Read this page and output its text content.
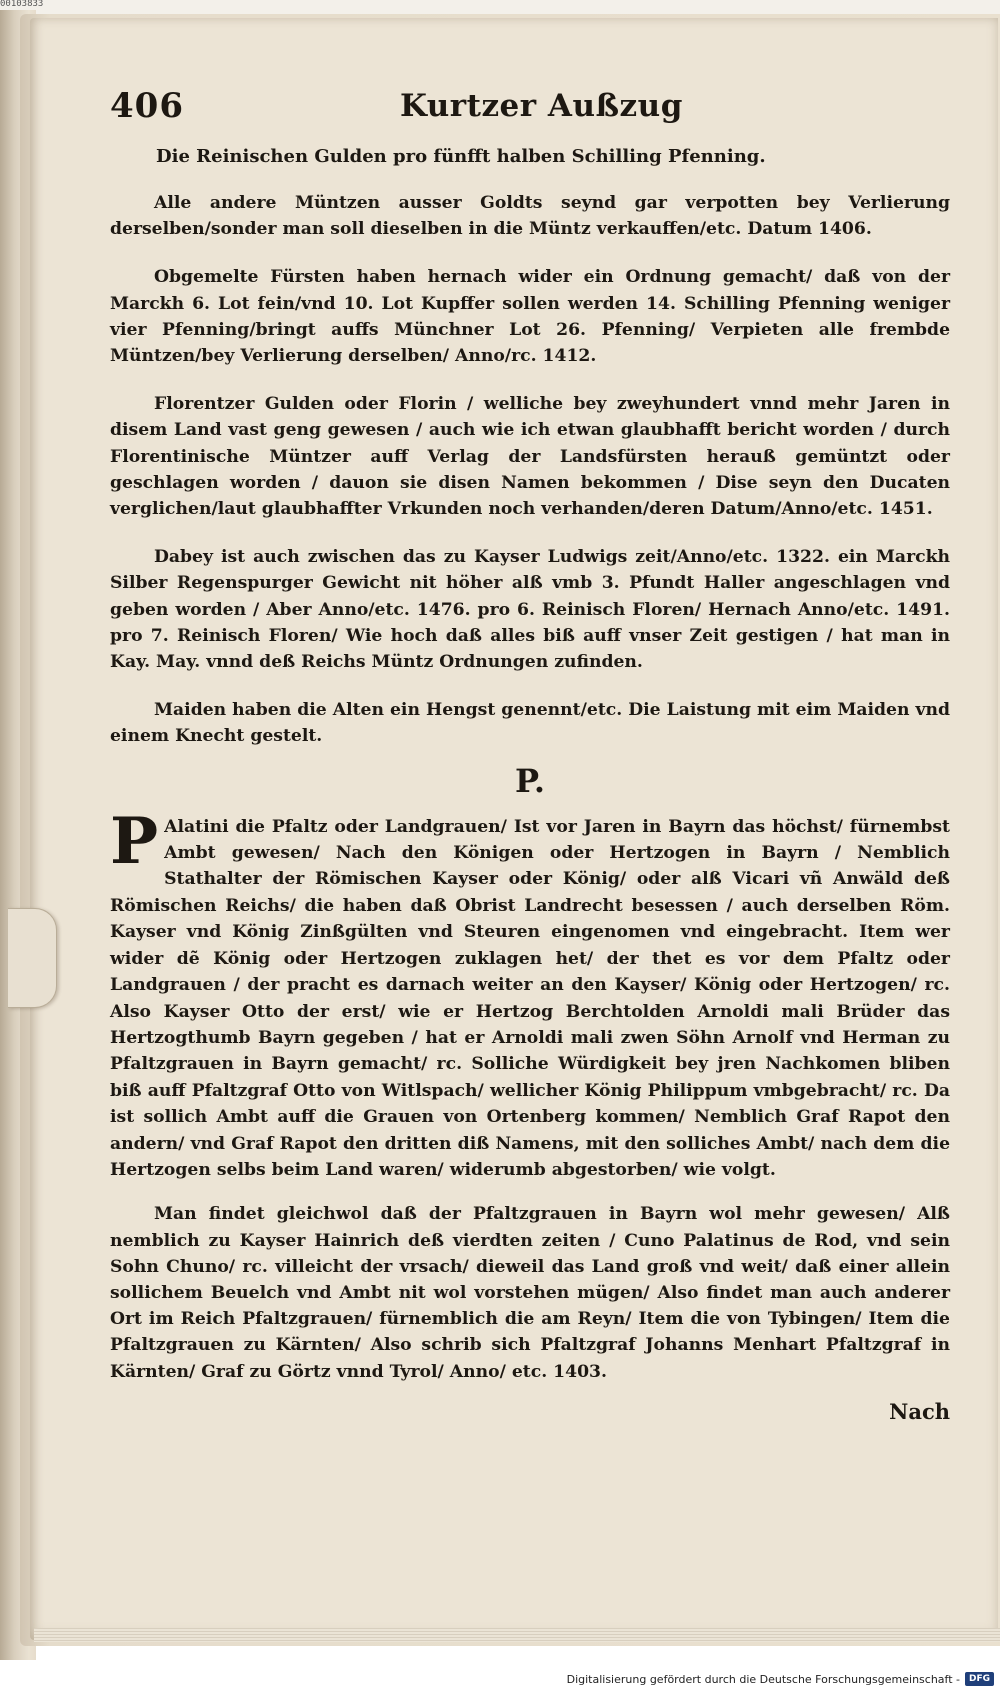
00103833
406	Kurtzer Außzug
Die Reinischen Gulden pro fünfft halben Schilling Pfenning.

Alle andere Müntzen ausser Goldts seynd gar verpotten bey Verlierung derselben/sonder man soll dieselben in die Müntz verkauffen/etc. Datum 1406.

Obgemelte Fürsten haben hernach wider ein Ordnung gemacht/ daß von der Marckh 6. Lot fein/vnd 10. Lot Kupffer sollen werden 14. Schilling Pfenning weniger vier Pfenning/bringt auffs Münchner Lot 26. Pfenning/ Verpieten alle frembde Müntzen/bey Verlierung derselben/ Anno/rc. 1412.

Florentzer Gulden oder Florin / welliche bey zweyhundert vnnd mehr Jaren in disem Land vast geng gewesen / auch wie ich etwan glaubhafft bericht worden / durch Florentinische Müntzer auff Verlag der Landsfürsten herauß gemüntzt oder geschlagen worden / dauon sie disen Namen bekommen / Dise seyn den Ducaten verglichen/laut glaubhaffter Vrkunden noch verhanden/deren Datum/Anno/etc. 1451.

Dabey ist auch zwischen das zu Kayser Ludwigs zeit/Anno/etc. 1322. ein Marckh Silber Regenspurger Gewicht nit höher alß vmb 3. Pfundt Haller angeschlagen vnd geben worden / Aber Anno/etc. 1476. pro 6. Reinisch Floren/ Hernach Anno/etc. 1491. pro 7. Reinisch Floren/ Wie hoch daß alles biß auff vnser Zeit gestigen / hat man in Kay. May. vnnd deß Reichs Müntz Ordnungen zufinden.

Maiden haben die Alten ein Hengst genennt/etc. Die Laistung mit eim Maiden vnd einem Knecht gestelt.

P.

P Alatini die Pfaltz oder Landgrauen/ Ist vor Jaren in Bayrn das höchst/ fürnembst Ambt gewesen/ Nach den Königen oder Hertzogen in Bayrn / Nemblich Stathalter der Römischen Kayser oder König/ oder alß Vicari vñ Anwäld deß Römischen Reichs/ die haben daß Obrist Landrecht besessen / auch derselben Röm. Kayser vnd König Zinßgülten vnd Steuren eingenomen vnd eingebracht. Item wer wider dẽ König oder Hertzogen zuklagen het/ der thet es vor dem Pfaltz oder Landgrauen / der pracht es darnach weiter an den Kayser/ König oder Hertzogen/ rc. Also Kayser Otto der erst/ wie er Hertzog Berchtolden Arnoldi mali Brüder das Hertzogthumb Bayrn gegeben / hat er Arnoldi mali zwen Söhn Arnolf vnd Herman zu Pfaltzgrauen in Bayrn gemacht/ rc. Solliche Würdigkeit bey jren Nachkomen bliben biß auff Pfaltzgraf Otto von Witlspach/ wellicher König Philippum vmbgebracht/ rc. Da ist sollich Ambt auff die Grauen von Ortenberg kommen/ Nemblich Graf Rapot den andern/ vnd Graf Rapot den dritten diß Namens, mit den solliches Ambt/ nach dem die Hertzogen selbs beim Land waren/ widerumb abgestorben/ wie volgt.

Man findet gleichwol daß der Pfaltzgrauen in Bayrn wol mehr gewesen/ Alß nemblich zu Kayser Hainrich deß vierdten zeiten / Cuno Palatinus de Rod, vnd sein Sohn Chuno/ rc. villeicht der vrsach/ dieweil das Land groß vnd weit/ daß einer allein sollichem Beuelch vnd Ambt nit wol vorstehen mügen/ Also findet man auch anderer Ort im Reich Pfaltzgrauen/ fürnemblich die am Reyn/ Item die von Tybingen/ Item die Pfaltzgrauen zu Kärnten/ Also schrib sich Pfaltzgraf Johanns Menhart Pfaltzgraf in Kärnten/ Graf zu Görtz vnnd Tyrol/ Anno/ etc. 1403.

Nach
Digitalisierung gefördert durch die Deutsche Forschungsgemeinschaft -	DFG
